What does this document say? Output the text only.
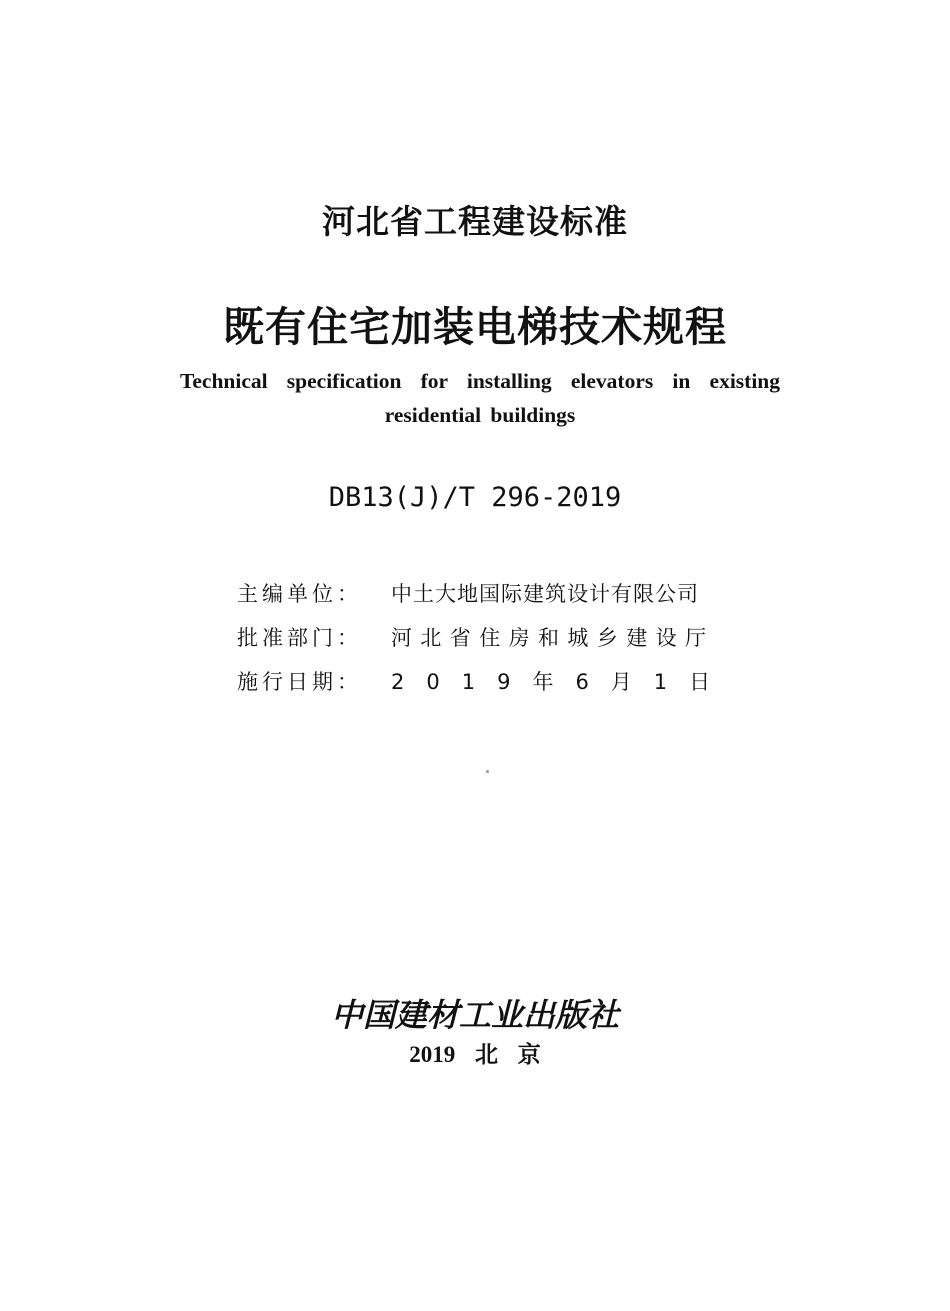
河北省工程建设标准
既有住宅加装电梯技术规程
Technical specification for installing elevators in existing
residential buildings
DB13(J)/T 296-2019
主编单位： 中土大地国际建筑设计有限公司
批准部门： 河北省住房和城乡建设厅
施行日期： 2019年6月1日
中国建材工业出版社
2019 北 京
